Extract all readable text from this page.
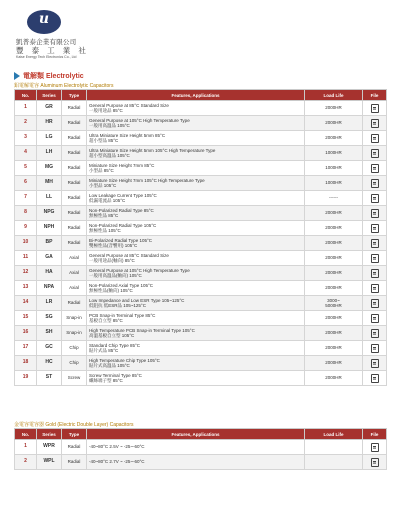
u
凱普泰企業有限公司
豐 泰 工 業 社
Kaise Energy Tech Electronics Co., Ltd
電解類 Electrolytic
鋁電解電容 Aluminum Electrolytic Capacitors
No.	Series	Type	Features, Applications	Load Life	File
1	GR	Radial	General Purpose at 85°C Standard Size
一般用途品 85°C	2000HR	
2	HR	Radial	General Purpose at 105°C High Temperature Type
一般用高溫品 105°C	2000HR	
3	LG	Radial	Ultra Miniature Size Height 5mm 85°C
超小型品 85°C	2000HR	
4	LH	Radial	Ultra Miniature Size Height 5mm 105°C High Temperature Type
超小型高溫品 105°C	1000HR	
5	MG	Radial	Miniature Size Height 7mm 85°C
小型品 85°C	1000HR	
6	MH	Radial	Miniature Size Height 7mm 105°C High Temperature Type
小型品 105°C	1000HR	
7	LL	Radial	Low Leakage Current Type 105°C
低漏電流品 105°C	------	
8	NPG	Radial	Non-Polarized Radial Type 85°C
無極性品 85°C	2000HR	
9	NPH	Radial	Non-Polarized Radial Type 105°C
無極性品 105°C	2000HR	
10	BP	Radial	Bi-Polarized Radial Type 105°C
雙極性品(音響用) 105°C	2000HR	
11	GA	Axial	General Purpose at 85°C Standard Size
一般用途品(軸向) 85°C	2000HR	
12	HA	Axial	General Purpose at 105°C High Temperature Type
一般用高溫品(軸向) 105°C	2000HR	
13	NPA	Axial	Non-Polarized Axial Type 105°C
無極性品(軸向) 105°C	2000HR	
14	LR	Radial	Low Impedance and Low ESR Type 105~125°C
低阻抗 低ESR品 105~125°C	3000~
5000HR	
15	SG	Snap-in	PCB Snap-in Terminal Type 85°C
基板自立型 85°C	2000HR	
16	SH	Snap-in	High Temperature PCB Snap-in Terminal Type 105°C
高溫基板自立型 105°C	2000HR	
17	GC	Chip	Standard Chip Type 85°C
貼片式品 85°C	2000HR	
18	HC	Chip	High Temperature Chip Type 105°C
貼片式高溫品 105°C	2000HR	
19	ST	Screw	Screw Terminal Type 85°C
螺絲端子型 85°C	2000HR	
金電容電容器 Gold (Electric Double Layer) Capacitors
No.	Series	Type	Features, Applications	Load Life	File
1	WPR	Radial	-40~80°C 2.5V ~ -25~-60°C		
2	WPL	Radial	-40~80°C 2.7V ~ -25~-60°C		
